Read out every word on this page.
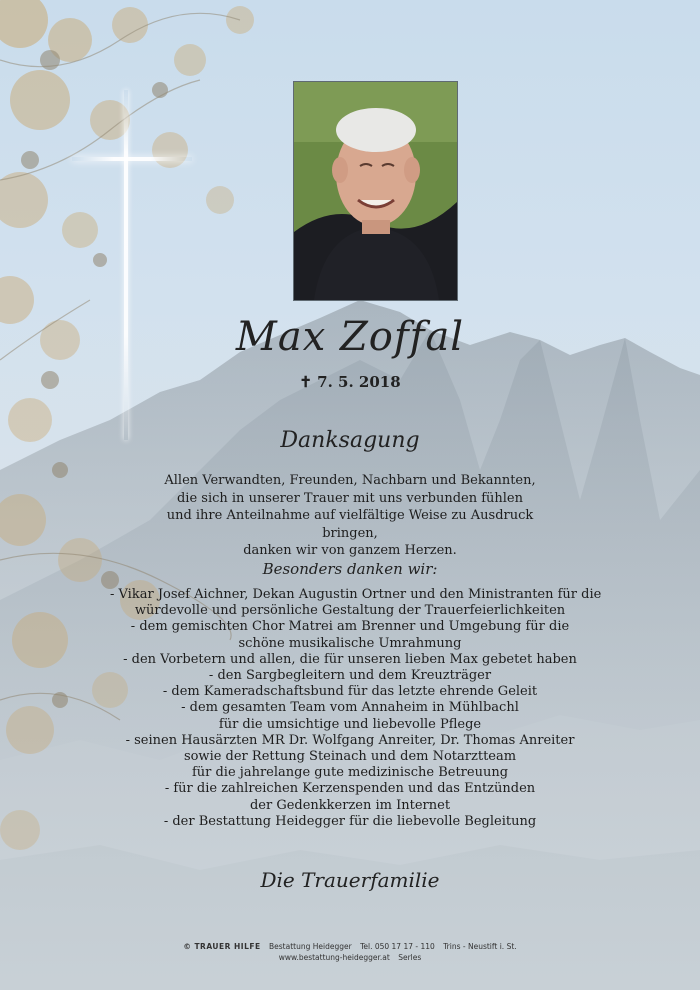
Max Zoffal
✝ 7. 5. 2018
Danksagung
Allen Verwandten, Freunden, Nachbarn und Bekannten,
die sich in unserer Trauer mit uns verbunden fühlen
und ihre Anteilnahme auf vielfältige Weise zu Ausdruck bringen,
danken wir von ganzem Herzen.
Besonders danken wir:
- Vikar Josef Aichner, Dekan Augustin Ortner und den Ministranten für die
würdevolle und persönliche Gestaltung der Trauerfeierlichkeiten
- dem gemischten Chor Matrei am Brenner und Umgebung für die
schöne musikalische Umrahmung
- den Vorbetern und allen, die für unseren lieben Max gebetet haben
- den Sargbegleitern und dem Kreuzträger
- dem Kameradschaftsbund für das letzte ehrende Geleit
- dem gesamten Team vom Annaheim in Mühlbachl
für die umsichtige und liebevolle Pflege
- seinen Hausärzten MR Dr. Wolfgang Anreiter, Dr. Thomas Anreiter
sowie der Rettung Steinach und dem Notarztteam
für die jahrelange gute medizinische Betreuung
- für die zahlreichen Kerzenspenden und das Entzünden
der Gedenkkerzen im Internet
- der Bestattung Heidegger für die liebevolle Begleitung
Die Trauerfamilie
© TRAUER HILFE Bestattung Heidegger Tel. 050 17 17 - 110 Trins - Neustift i. St.
www.bestattung-heidegger.at Serles
